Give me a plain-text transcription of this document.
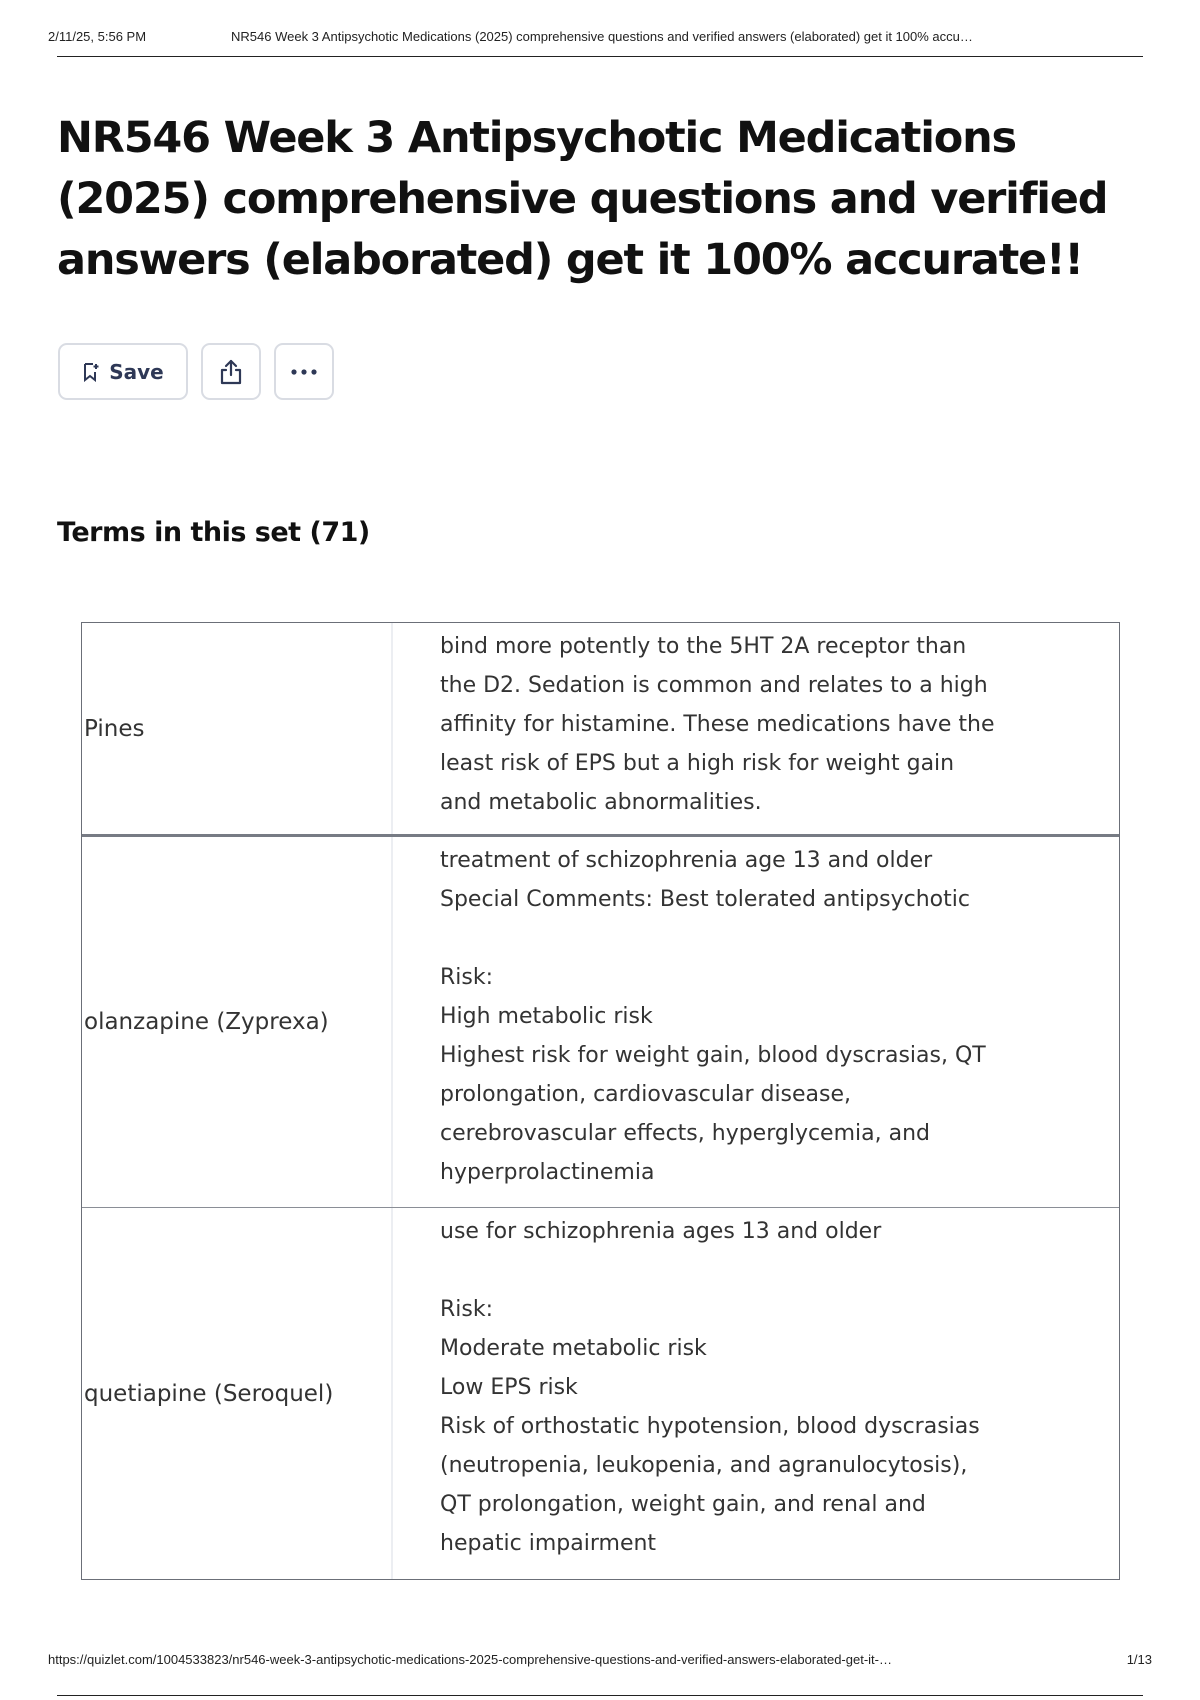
2/11/25, 5:56 PM	NR546 Week 3 Antipsychotic Medications (2025) comprehensive questions and verified answers (elaborated) get it 100% accu…
NR546 Week 3 Antipsychotic Medications (2025) comprehensive questions and verified answers (elaborated) get it 100% accurate!!
Save
Terms in this set (71)
Pines

bind more potently to the 5HT 2A receptor than the D2. Sedation is common and relates to a high affinity for histamine. These medications have the least risk of EPS but a high risk for weight gain and metabolic abnormalities.

olanzapine (Zyprexa)

treatment of schizophrenia age 13 and older
Special Comments: Best tolerated antipsychotic

Risk:
High metabolic risk
Highest risk for weight gain, blood dyscrasias, QT prolongation, cardiovascular disease, cerebrovascular effects, hyperglycemia, and hyperprolactinemia

quetiapine (Seroquel)

use for schizophrenia ages 13 and older

Risk:
Moderate metabolic risk
Low EPS risk
Risk of orthostatic hypotension, blood dyscrasias (neutropenia, leukopenia, and agranulocytosis), QT prolongation, weight gain, and renal and hepatic impairment

https://quizlet.com/1004533823/nr546-week-3-antipsychotic-medications-2025-comprehensive-questions-and-verified-answers-elaborated-get-it-…	1/13
